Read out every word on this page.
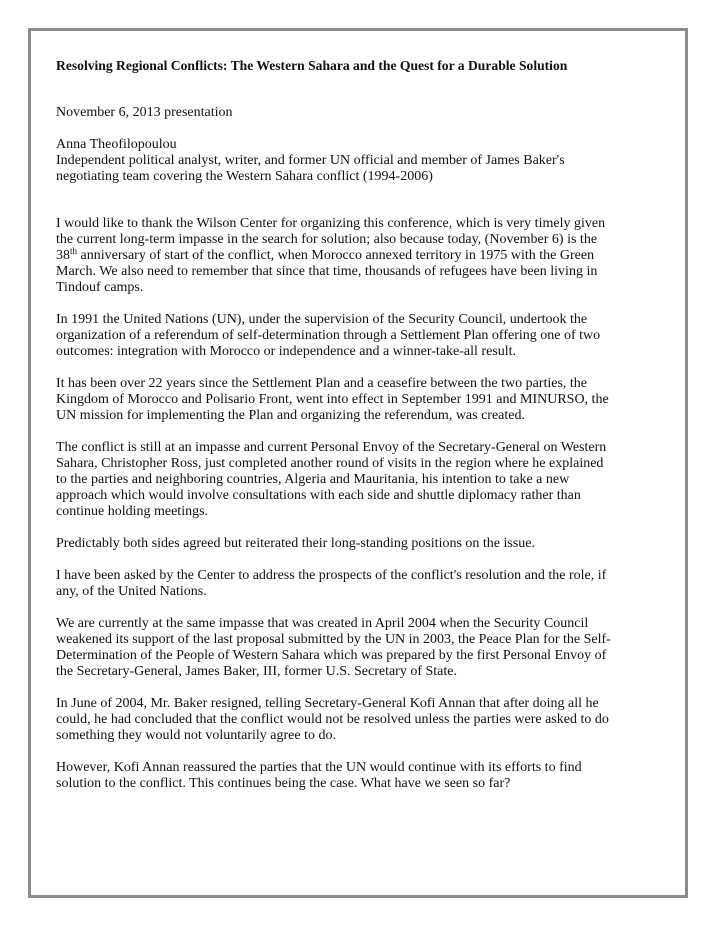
Resolving Regional Conflicts: The Western Sahara and the Quest for a Durable Solution

November 6, 2013 presentation

Anna Theofilopoulou

Independent political analyst, writer, and former UN official and member of James Baker's negotiating team covering the Western Sahara conflict (1994-2006)

I would like to thank the Wilson Center for organizing this conference, which is very timely given the current long-term impasse in the search for solution; also because today, (November 6) is the 38th anniversary of start of the conflict, when Morocco annexed territory in 1975 with the Green March. We also need to remember that since that time, thousands of refugees have been living in Tindouf camps.

In 1991 the United Nations (UN), under the supervision of the Security Council, undertook the organization of a referendum of self-determination through a Settlement Plan offering one of two outcomes: integration with Morocco or independence and a winner-take-all result.

It has been over 22 years since the Settlement Plan and a ceasefire between the two parties, the Kingdom of Morocco and Polisario Front, went into effect in September 1991 and MINURSO, the UN mission for implementing the Plan and organizing the referendum, was created.

The conflict is still at an impasse and current Personal Envoy of the Secretary-General on Western Sahara, Christopher Ross, just completed another round of visits in the region where he explained to the parties and neighboring countries, Algeria and Mauritania, his intention to take a new approach which would involve consultations with each side and shuttle diplomacy rather than continue holding meetings.

Predictably both sides agreed but reiterated their long-standing positions on the issue.

I have been asked by the Center to address the prospects of the conflict's resolution and the role, if any, of the United Nations.

We are currently at the same impasse that was created in April 2004 when the Security Council weakened its support of the last proposal submitted by the UN in 2003, the Peace Plan for the Self-Determination of the People of Western Sahara which was prepared by the first Personal Envoy of the Secretary-General, James Baker, III, former U.S. Secretary of State.

In June of 2004, Mr. Baker resigned, telling Secretary-General Kofi Annan that after doing all he could, he had concluded that the conflict would not be resolved unless the parties were asked to do something they would not voluntarily agree to do.

However, Kofi Annan reassured the parties that the UN would continue with its efforts to find solution to the conflict. This continues being the case. What have we seen so far?
